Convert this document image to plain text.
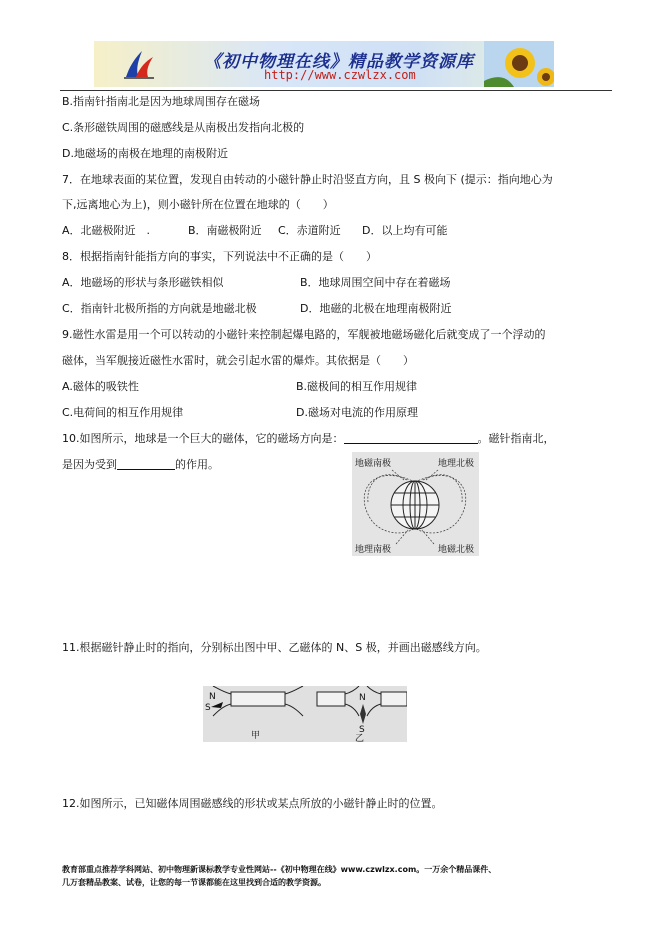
《初中物理在线》精品教学资源库
http://www.czwlzx.com
B.指南针指南北是因为地球周围存在磁场
C.条形磁铁周围的磁感线是从南极出发指向北极的
D.地磁场的南极在地理的南极附近
7．在地球表面的某位置，发现自由转动的小磁针静止时沿竖直方向，且 S 极向下 (提示：指向地心为
下,远离地心为上)，则小磁针所在位置在地球的（　　）
A．北磁极附近　.	B．南磁极附近 C．赤道附近 D．以上均有可能
8．根据指南针能指方向的事实，下列说法中不正确的是（　　）
A．地磁场的形状与条形磁铁相似	B．地球周围空间中存在着磁场
C．指南针北极所指的方向就是地磁北极	D．地磁的北极在地理南极附近
9.磁性水雷是用一个可以转动的小磁针来控制起爆电路的，军舰被地磁场磁化后就变成了一个浮动的
磁体，当军舰接近磁性水雷时，就会引起水雷的爆炸。其依据是（　　）
A.磁体的吸铁性	B.磁极间的相互作用规律
C.电荷间的相互作用规律	D.磁场对电流的作用原理
10.如图所示，地球是一个巨大的磁体，它的磁场方向是：	。磁针指南北，
是因为受到	的作用。	地磁南极	地理北极
地理南极	地磁北极
11.根据磁针静止时的指向，分别标出图中甲、乙磁体的 N、S 极，并画出磁感线方向。
N
S
N
S
甲	乙
12.如图所示，已知磁体周围磁感线的形状或某点所放的小磁针静止时的位置。
教育部重点推荐学科网站、初中物理新课标教学专业性网站--《初中物理在线》www.czwlzx.com。一万余个精品课件、
几万套精品教案、试卷，让您的每一节课都能在这里找到合适的教学资源。
